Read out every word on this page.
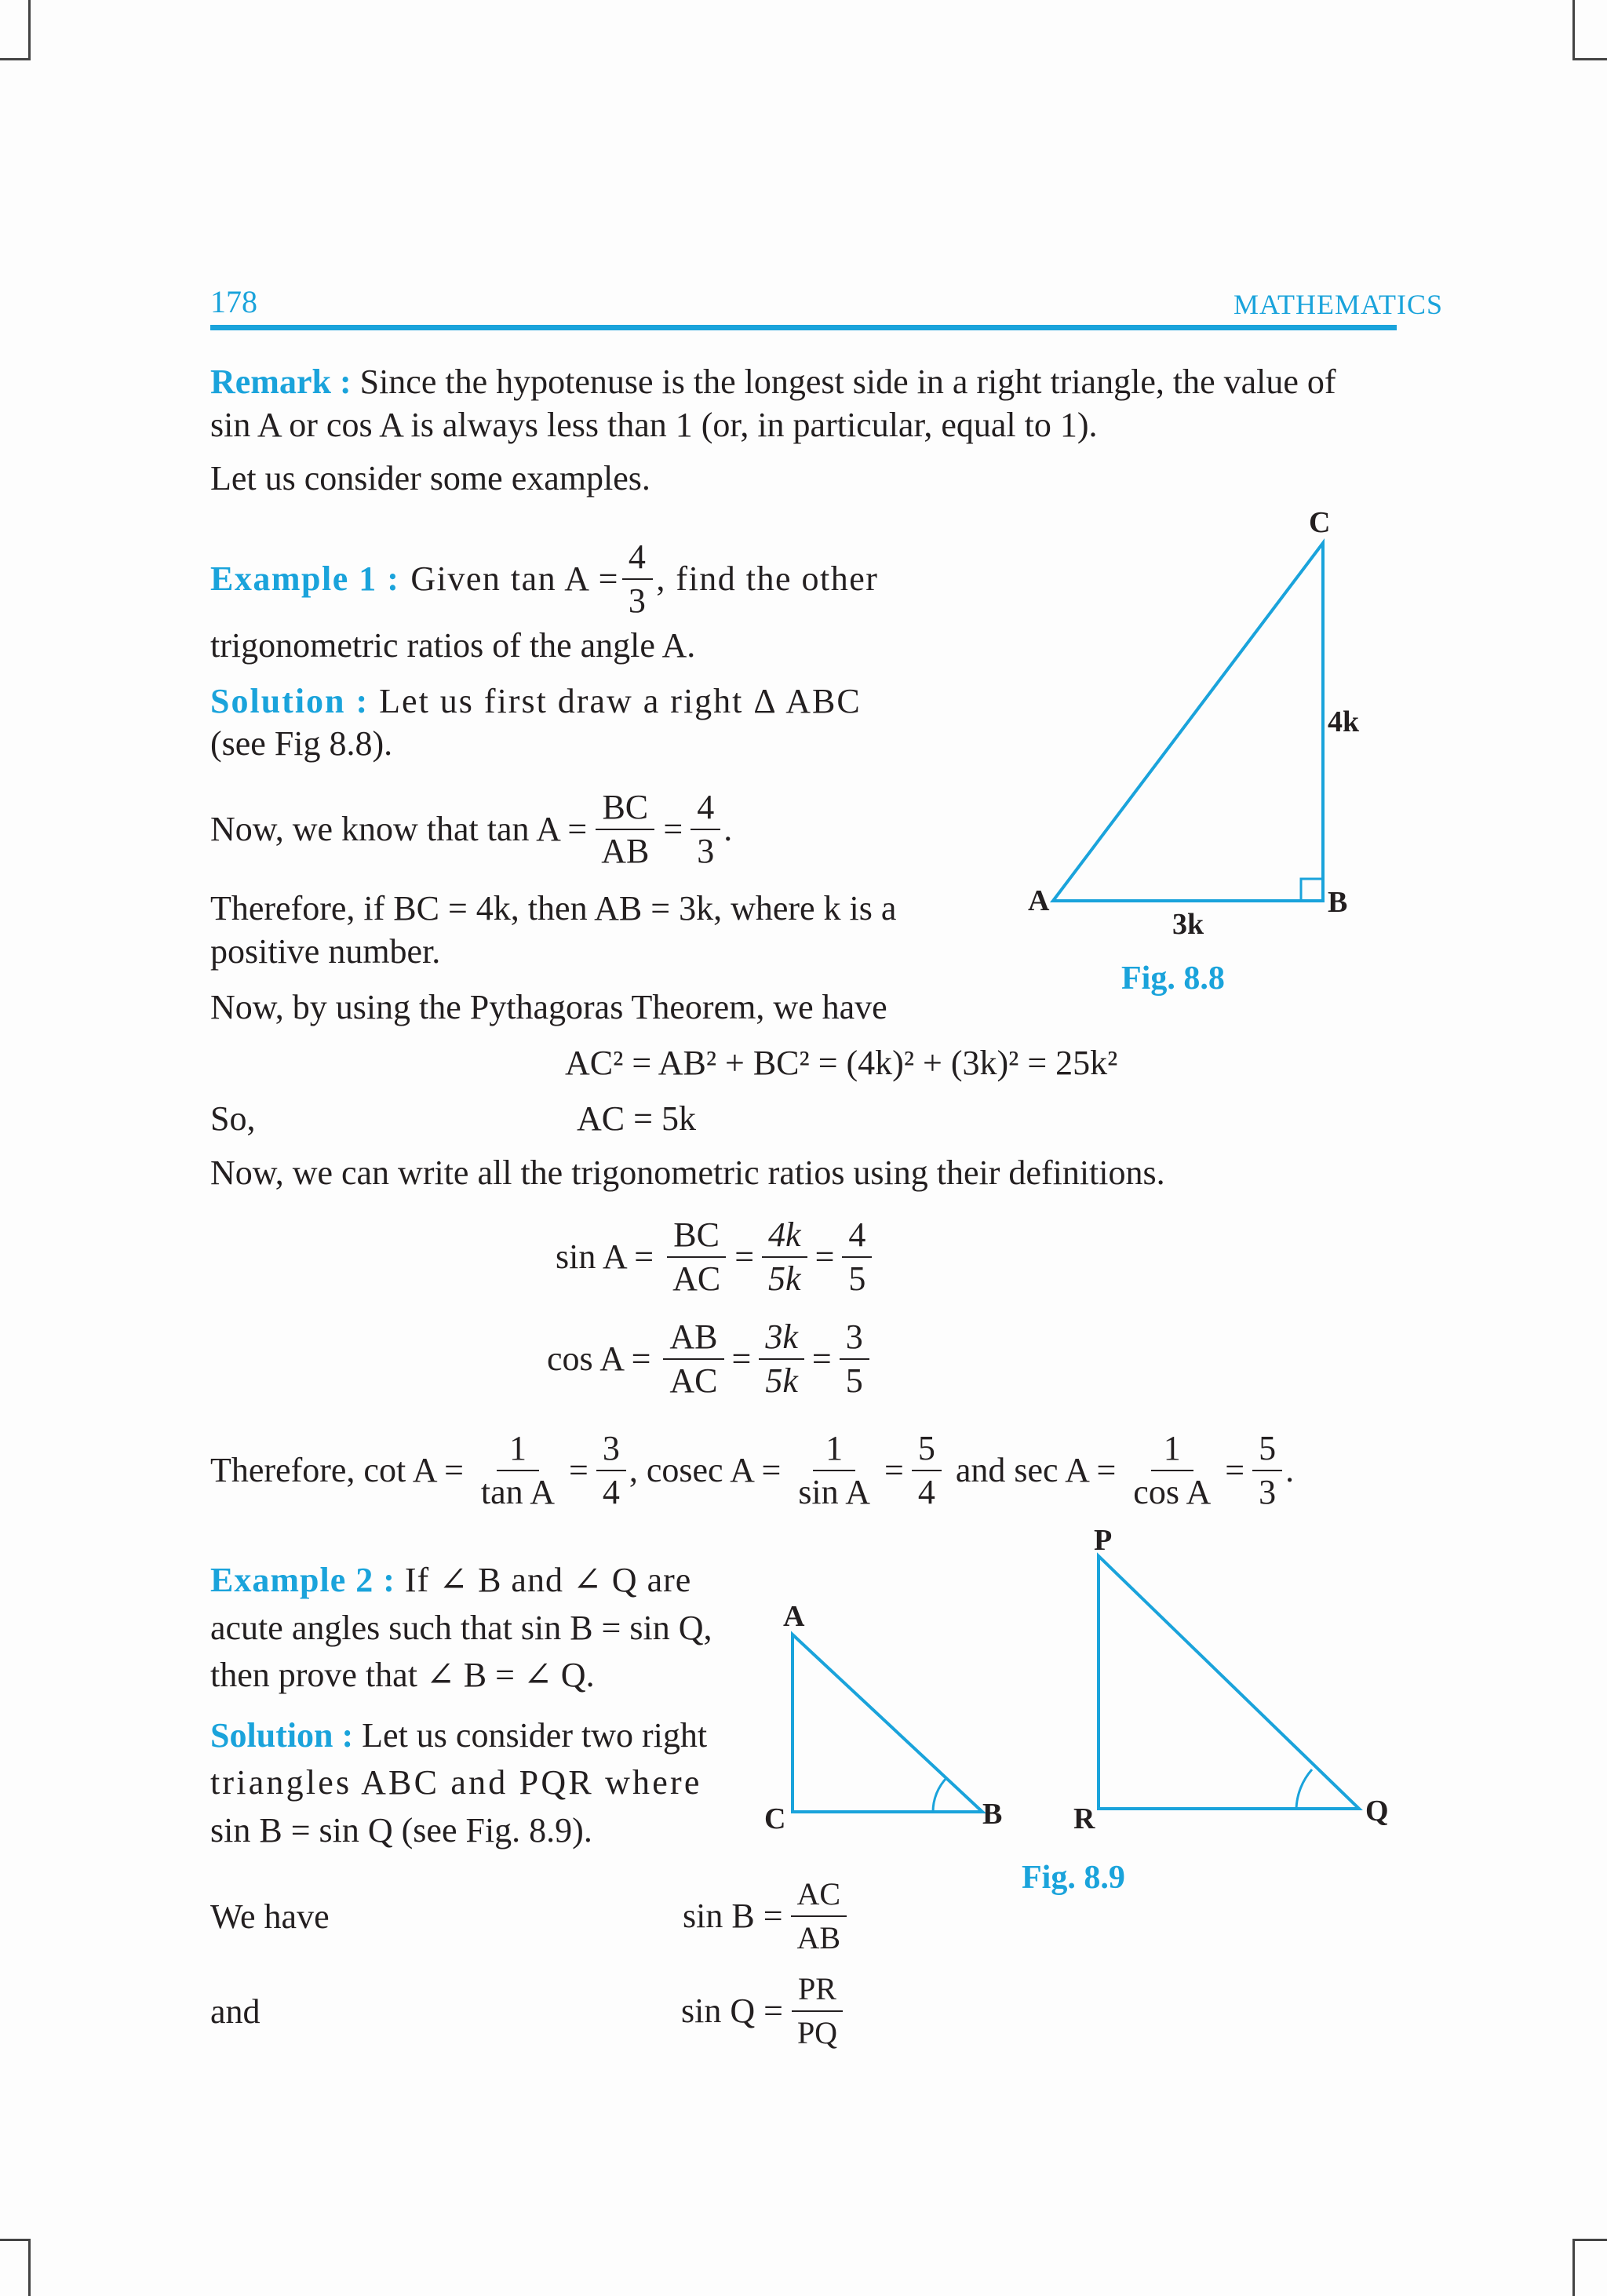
178	MATHEMATICS
Remark : Since the hypotenuse is the longest side in a right triangle, the value of
sin A or cos A is always less than 1 (or, in particular, equal to 1).
Let us consider some examples.
Example 1 : Given $\tan A = \frac{4}{3}$ , find the other
trigonometric ratios of the angle A.
Solution : Let us first draw a right Δ ABC
(see Fig 8.8).
Now, we know that $\tan A = \frac{BC}{AB} = \frac{4}{3}$ .
Therefore, if BC = 4k, then AB = 3k, where k is a
positive number.
Now, by using the Pythagoras Theorem, we have
AC² = AB² + BC² = (4k)² + (3k)² = 25k²
So,	AC = 5k
Now, we can write all the trigonometric ratios using their definitions.
$\sin A = \frac{BC}{AC} = \frac{4k}{5k} = \frac{4}{5}$
$\cos A = \frac{AB}{AC} = \frac{3k}{5k} = \frac{3}{5}$
Therefore, $\cot A = \frac{1}{\text{tan A}} = \frac{3}{4}$ , cosec $A = \frac{1}{\text{sin A}} = \frac{5}{4}$ and $\sec A = \frac{1}{\text{cos A}} = \frac{5}{3}$ .
Example 2 : If ∠ B and ∠ Q are
acute angles such that sin B = sin Q,
then prove that ∠ B = ∠ Q.
Solution : Let us consider two right
triangles ABC and PQR where
sin B = sin Q (see Fig. 8.9).
We have	$\sin B = \frac{AC}{AB}$
and	$\sin Q = \frac{PR}{PQ}$
C
4k
A	B
3k
Fig. 8.8
A
C	B
P
R	Q
Fig. 8.9
